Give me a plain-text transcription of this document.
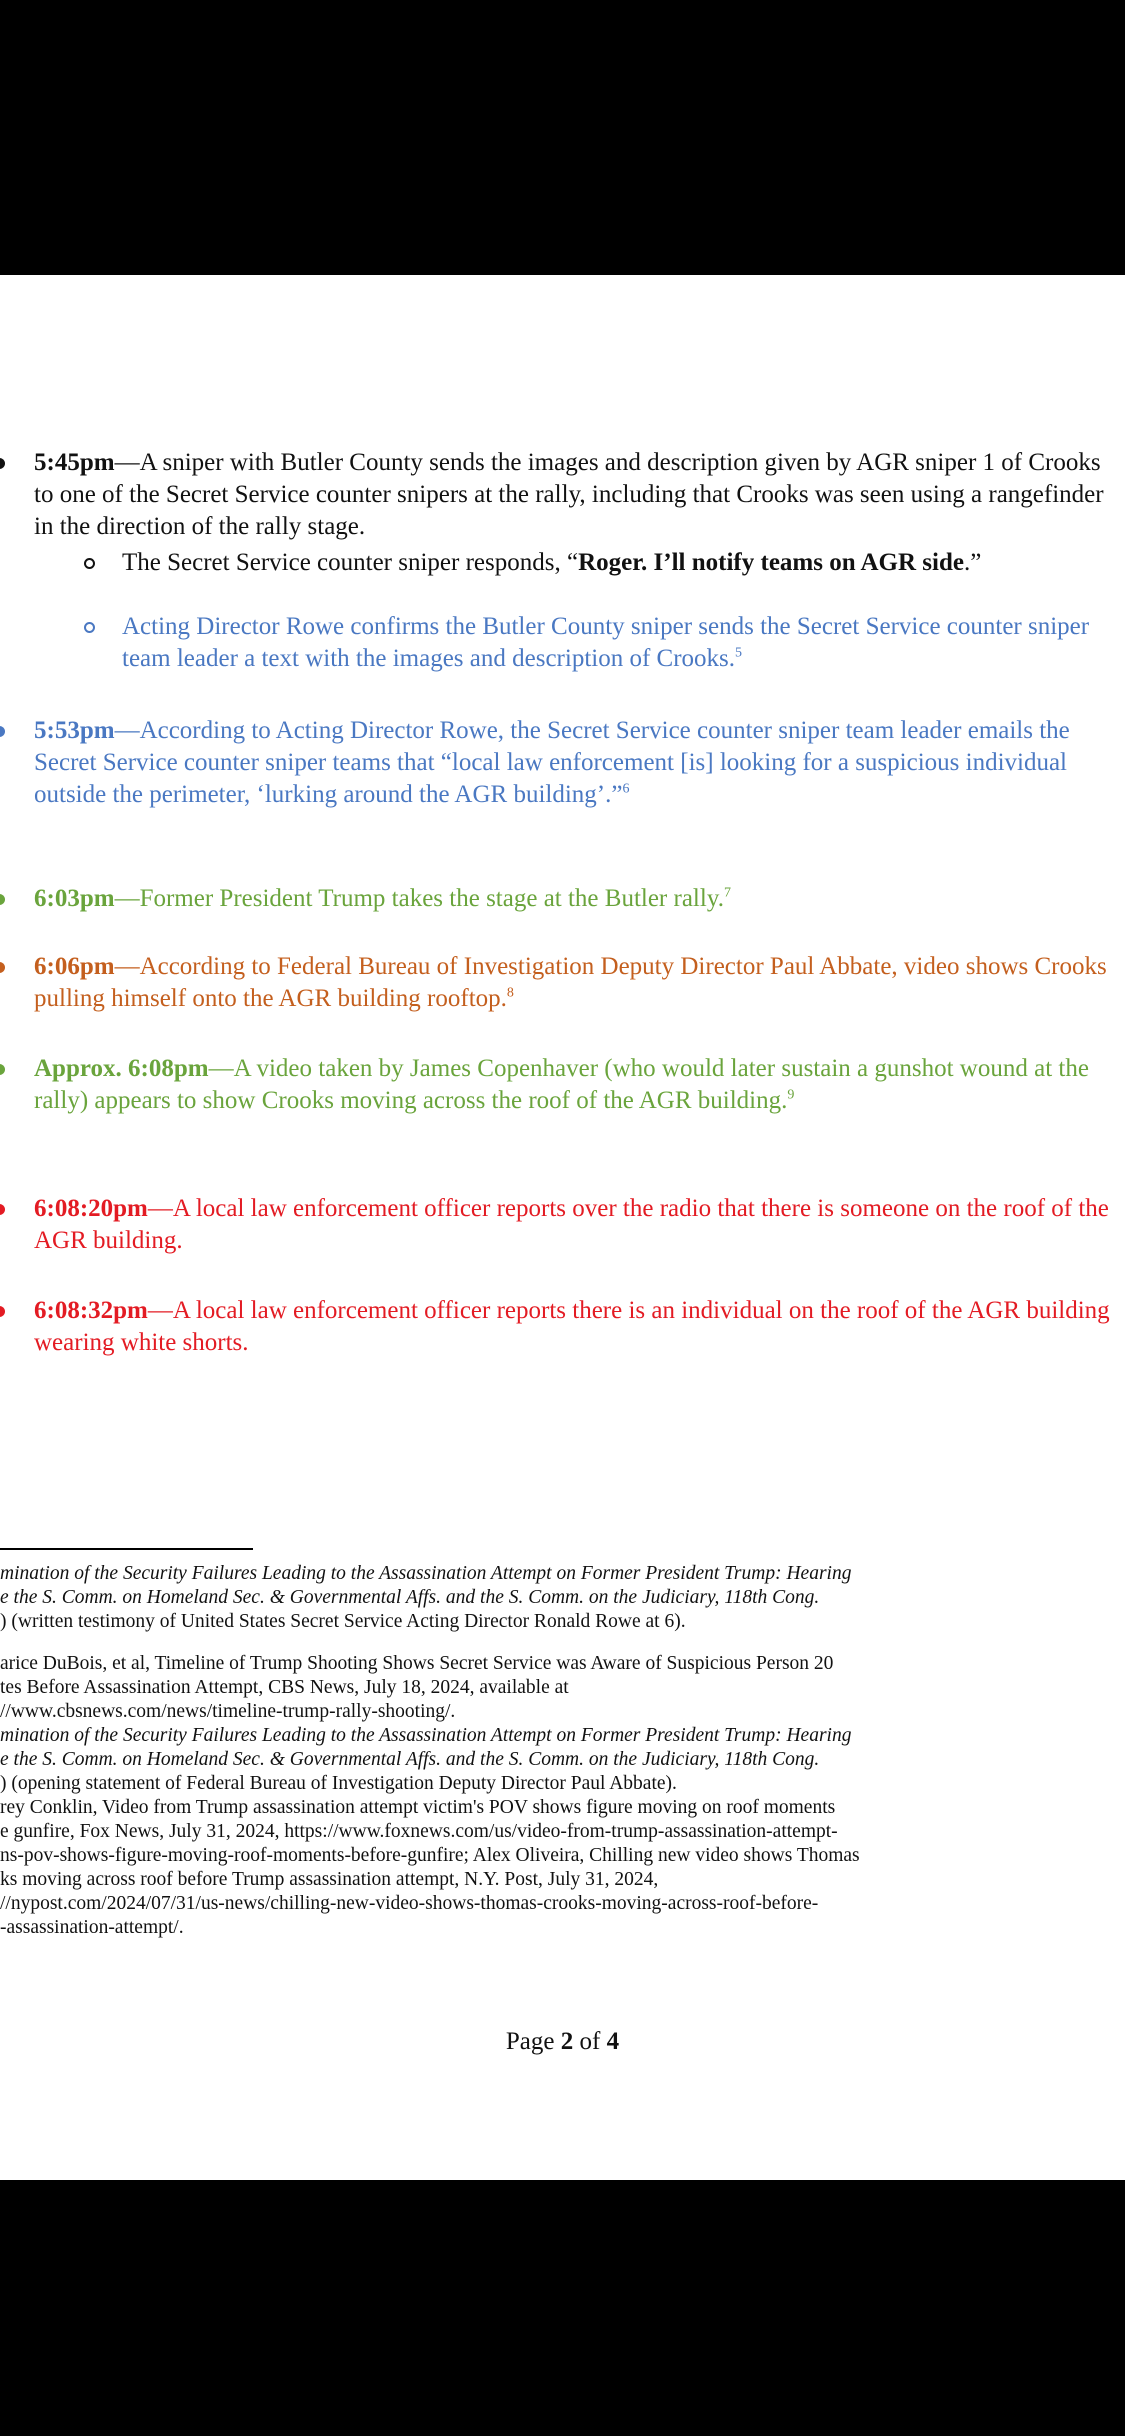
5:45pm—A sniper with Butler County sends the images and description given by AGR sniper 1 of Crooks to one of the Secret Service counter snipers at the rally, including that Crooks was seen using a rangefinder in the direction of the rally stage.
The Secret Service counter sniper responds, “Roger. I’ll notify teams on AGR side.”
Acting Director Rowe confirms the Butler County sniper sends the Secret Service counter sniper team leader a text with the images and description of Crooks.$^5$
5:53pm—According to Acting Director Rowe, the Secret Service counter sniper team leader emails the Secret Service counter sniper teams that “local law enforcement [is] looking for a suspicious individual outside the perimeter, ‘lurking around the AGR building’.”$^6$
6:03pm—Former President Trump takes the stage at the Butler rally.$^7$
6:06pm—According to Federal Bureau of Investigation Deputy Director Paul Abbate, video shows Crooks pulling himself onto the AGR building rooftop.$^8$
Approx. 6:08pm—A video taken by James Copenhaver (who would later sustain a gunshot wound at the rally) appears to show Crooks moving across the roof of the AGR building.$^9$
6:08:20pm—A local law enforcement officer reports over the radio that there is someone on the roof of the AGR building.
6:08:32pm—A local law enforcement officer reports there is an individual on the roof of the AGR building wearing white shorts.
mination of the Security Failures Leading to the Assassination Attempt on Former President Trump: Hearing
e the S. Comm. on Homeland Sec. & Governmental Affs. and the S. Comm. on the Judiciary, 118th Cong.
) (written testimony of United States Secret Service Acting Director Ronald Rowe at 6).
arice DuBois, et al, Timeline of Trump Shooting Shows Secret Service was Aware of Suspicious Person 20
tes Before Assassination Attempt, CBS News, July 18, 2024, available at
//www.cbsnews.com/news/timeline-trump-rally-shooting/.
mination of the Security Failures Leading to the Assassination Attempt on Former President Trump: Hearing
e the S. Comm. on Homeland Sec. & Governmental Affs. and the S. Comm. on the Judiciary, 118th Cong.
) (opening statement of Federal Bureau of Investigation Deputy Director Paul Abbate).
rey Conklin, Video from Trump assassination attempt victim's POV shows figure moving on roof moments
e gunfire, Fox News, July 31, 2024, https://www.foxnews.com/us/video-from-trump-assassination-attempt-
ns-pov-shows-figure-moving-roof-moments-before-gunfire; Alex Oliveira, Chilling new video shows Thomas
ks moving across roof before Trump assassination attempt, N.Y. Post, July 31, 2024,
//nypost.com/2024/07/31/us-news/chilling-new-video-shows-thomas-crooks-moving-across-roof-before-
-assassination-attempt/.
Page 2 of 4
